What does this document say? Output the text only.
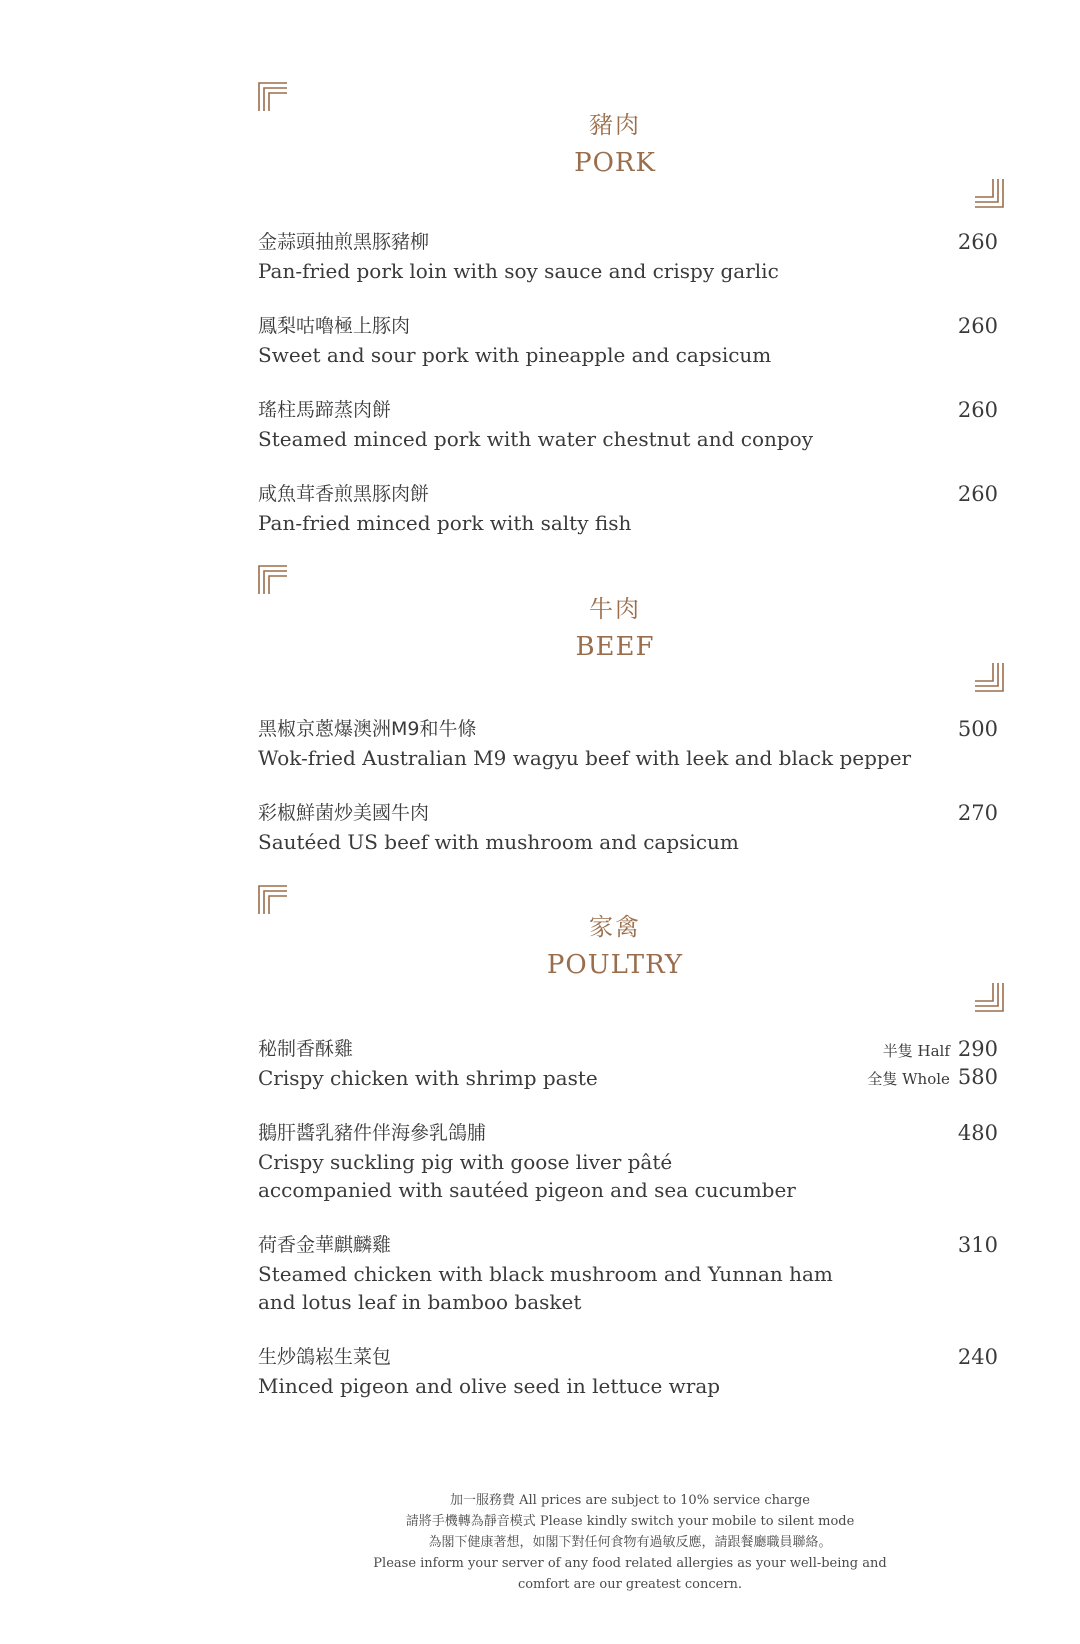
豬肉
PORK
金蒜頭抽煎黑豚豬柳
Pan-fried pork loin with soy sauce and crispy garlic
260
鳳梨咕嚕極上豚肉
Sweet and sour pork with pineapple and capsicum
260
瑤柱馬蹄蒸肉餅
Steamed minced pork with water chestnut and conpoy
260
咸魚茸香煎黑豚肉餅
Pan-fried minced pork with salty fish
260
牛肉
BEEF
黑椒京蔥爆澳洲M9和牛條
Wok-fried Australian M9 wagyu beef with leek and black pepper
500
彩椒鮮菌炒美國牛肉
Sautéed US beef with mushroom and capsicum
270
家禽
POULTRY
秘制香酥雞
Crispy chicken with shrimp paste
半隻 Half 290
全隻 Whole 580
鵝肝醬乳豬件伴海參乳鴿脯
Crispy suckling pig with goose liver pâté
accompanied with sautéed pigeon and sea cucumber
480
荷香金華麒麟雞
Steamed chicken with black mushroom and Yunnan ham
and lotus leaf in bamboo basket
310
生炒鴿崧生菜包
Minced pigeon and olive seed in lettuce wrap
240
加一服務費 All prices are subject to 10% service charge
請將手機轉為靜音模式 Please kindly switch your mobile to silent mode
為閣下健康著想，如閣下對任何食物有過敏反應，請跟餐廳職員聯絡。
Please inform your server of any food related allergies as your well-being and
comfort are our greatest concern.
